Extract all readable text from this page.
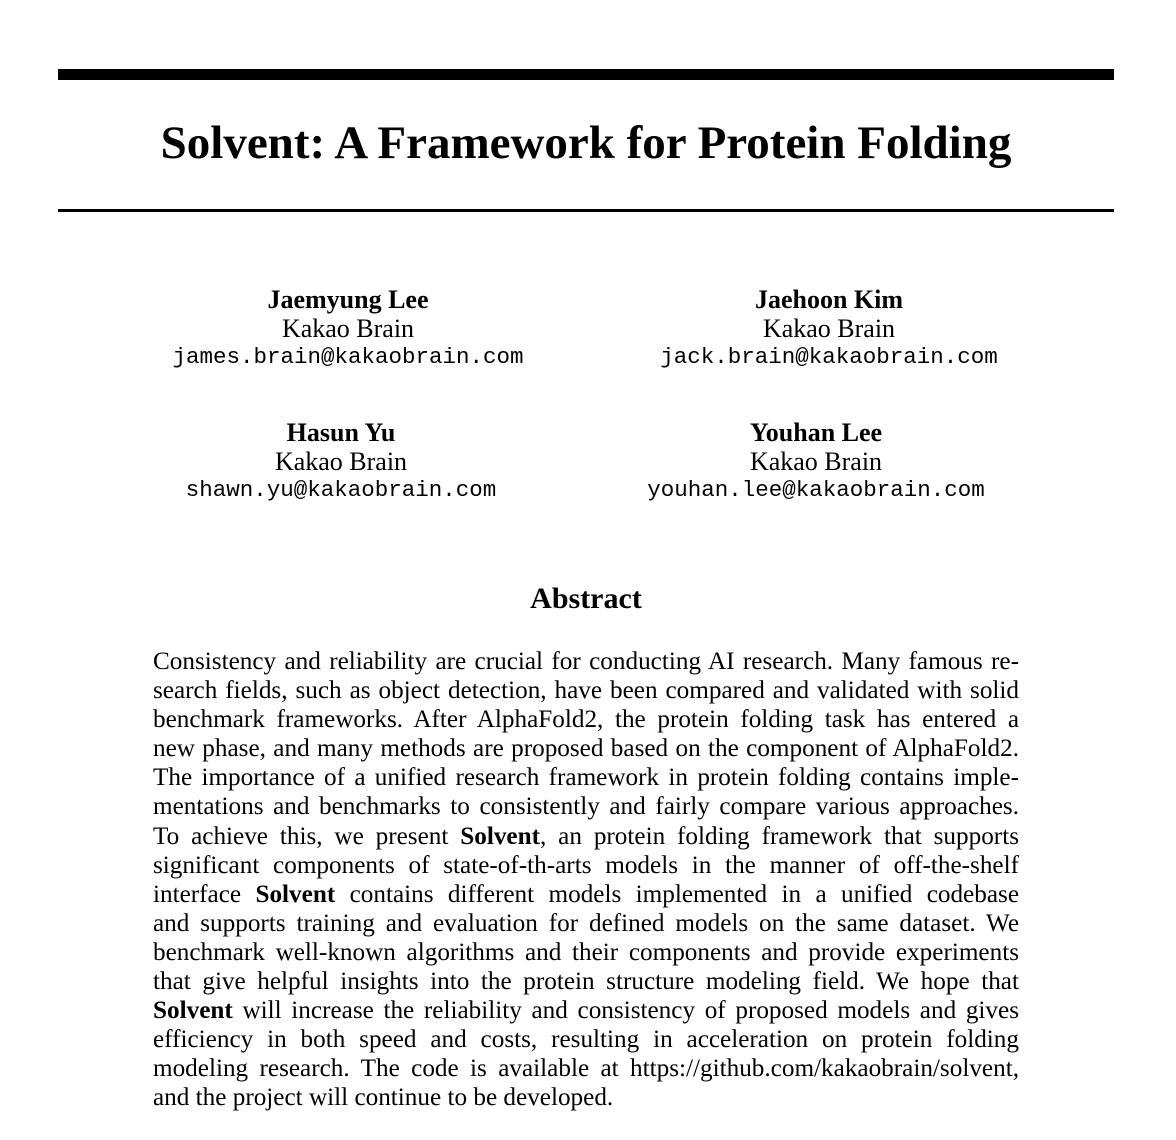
Solvent: A Framework for Protein Folding
Jaemyung Lee
Kakao Brain
james.brain@kakaobrain.com
Jaehoon Kim
Kakao Brain
jack.brain@kakaobrain.com
Hasun Yu
Kakao Brain
shawn.yu@kakaobrain.com
Youhan Lee
Kakao Brain
youhan.lee@kakaobrain.com
Abstract
Consistency and reliability are crucial for conducting AI research. Many famous re-
search fields, such as object detection, have been compared and validated with solid
benchmark frameworks. After AlphaFold2, the protein folding task has entered a
new phase, and many methods are proposed based on the component of AlphaFold2.
The importance of a unified research framework in protein folding contains imple-
mentations and benchmarks to consistently and fairly compare various approaches.
To achieve this, we present Solvent, an protein folding framework that supports
significant components of state-of-th-arts models in the manner of off-the-shelf
interface Solvent contains different models implemented in a unified codebase
and supports training and evaluation for defined models on the same dataset. We
benchmark well-known algorithms and their components and provide experiments
that give helpful insights into the protein structure modeling field. We hope that
Solvent will increase the reliability and consistency of proposed models and gives
efficiency in both speed and costs, resulting in acceleration on protein folding
modeling research. The code is available at https://github.com/kakaobrain/solvent,
and the project will continue to be developed.
